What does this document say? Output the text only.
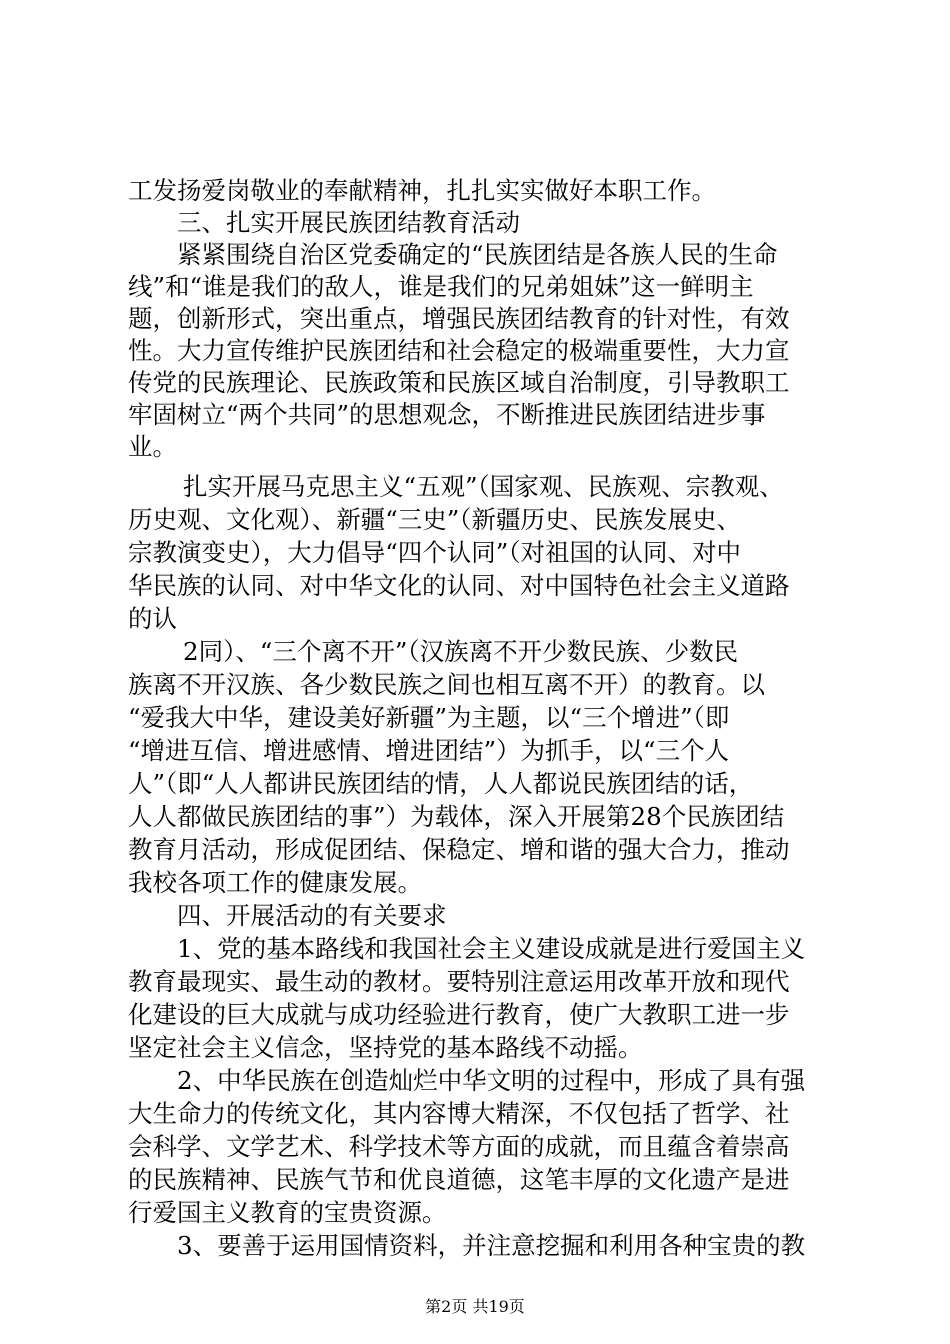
工发扬爱岗敬业的奉献精神，扎扎实实做好本职工作。
三、扎实开展民族团结教育活动
紧紧围绕自治区党委确定的“民族团结是各族人民的生命
线”和“谁是我们的敌人，谁是我们的兄弟姐妹”这一鲜明主
题，创新形式，突出重点，增强民族团结教育的针对性，有效
性。大力宣传维护民族团结和社会稳定的极端重要性，大力宣
传党的民族理论、民族政策和民族区域自治制度，引导教职工
牢固树立“两个共同”的思想观念，不断推进民族团结进步事
业。
扎实开展马克思主义“五观”（国家观、民族观、宗教观、
历史观、文化观）、新疆“三史”（新疆历史、民族发展史、
宗教演变史），大力倡导“四个认同”（对祖国的认同、对中
华民族的认同、对中华文化的认同、对中国特色社会主义道路
的认
2同）、“三个离不开”（汉族离不开少数民族、少数民
族离不开汉族、各少数民族之间也相互离不开）的教育。以
“爱我大中华，建设美好新疆”为主题，以“三个增进”（即
“增进互信、增进感情、增进团结”）为抓手，以“三个人
人”（即“人人都讲民族团结的情，人人都说民族团结的话，
人人都做民族团结的事”）为载体，深入开展第28个民族团结
教育月活动，形成促团结、保稳定、增和谐的强大合力，推动
我校各项工作的健康发展。
四、开展活动的有关要求
1、党的基本路线和我国社会主义建设成就是进行爱国主义
教育最现实、最生动的教材。要特别注意运用改革开放和现代
化建设的巨大成就与成功经验进行教育，使广大教职工进一步
坚定社会主义信念，坚持党的基本路线不动摇。
2、中华民族在创造灿烂中华文明的过程中，形成了具有强
大生命力的传统文化，其内容博大精深，不仅包括了哲学、社
会科学、文学艺术、科学技术等方面的成就，而且蕴含着崇高
的民族精神、民族气节和优良道德，这笔丰厚的文化遗产是进
行爱国主义教育的宝贵资源。
3、要善于运用国情资料，并注意挖掘和利用各种宝贵的教
第2页 共19页
